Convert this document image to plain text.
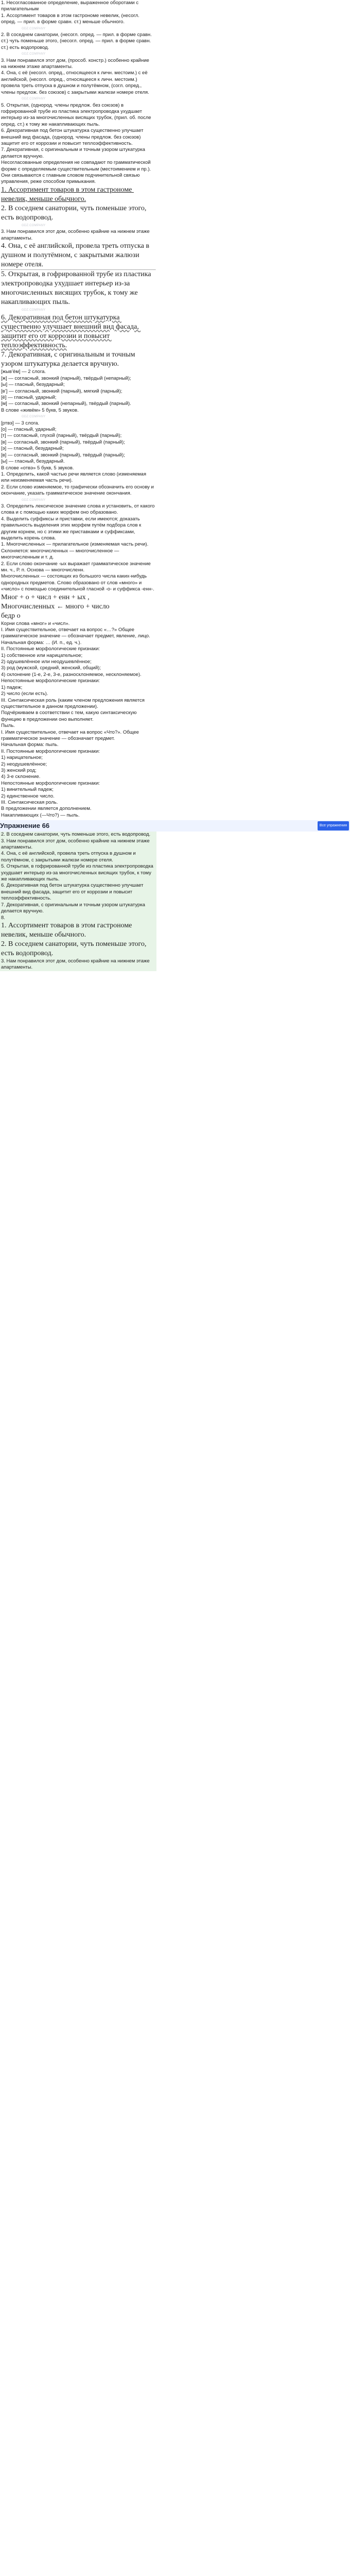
1. Несогласованное определение, выраженное оборотами с прилагательным
1. Ассортимент товаров в этом гастрономе невелик, (несогл. опред. — прил. в форме сравн. ст.) меньше обычного.
GDZ.COMPANY
2. В соседнем санатории, (несогл. опред. — прил. в форме сравн. ст.) чуть поменьше этого, (несогл. опред. — прил. в форме сравн. ст.) есть водопровод.
GDZ.COMPANY
3. Нам понравился этот дом, (прособ. констр.) особенно крайние на нижнем этаже апартаменты.
4. Она, с её (несогл. опред., относящееся к личн. местоим.) с её английской, (несогл. опред., относящееся к личн. местоим.) провела треть отпуска в душном и полутёмном, (согл. опред., члены предлож. без союзов) с закрытыми жалюзи номере отеля.
GDZ.COMPANY
5. Открытая, (однород. члены предлож. без союзов) в гофрированной трубе из пластика электропроводка ухудшает интерьер из-за многочисленных висящих трубок, (прил. об. после опред. ст.) к тому же накапливающих пыль.
6. Декоративная под бетон штукатурка существенно улучшает внешний вид фасада, (однород. члены предлож. без союзов) защитит его от коррозии и повысит теплоэффективность.
7. Декоративная, с оригинальным и точным узором штукатурка делается вручную.
Несогласованные определения не совпадают по грамматической форме с определяемым существительным (местоимением и пр.). Они связываются с главным словом подчинительной связью управления, реже способом примыкания.
1. Ассортимент товаров в этом гастрономе невелик, меньше обычного.
2. В соседнем санатории, чуть поменьше этого, есть водопровод.
GDZ.COMPANY
3. Нам понравился этот дом, особенно крайние на нижнем этаже апартаменты.
4. Она, с её английской, провела треть отпуска в душном и полутёмном, с закрытыми жалюзи номере отеля.
5. Открытая, в гофрированной трубе из пластика электропроводка ухудшает интерьер из-за многочисленных висящих трубок, к тому же накапливающих пыль.
GDZ.COMPANY
6. Декоративная под бетон штукатурка существенно улучшает внешний вид фасада, защитит его от коррозии и повысит теплоэффективность.
7. Декоративная, с оригинальным и точным узором штукатурка делается вручную.
[жыв’ём] — 2 слога.
[ж] — согласный, звонкий (парный), твёрдый (непарный);
[ы] — гласный, безударный;
[в’] — согласный, звонкий (парный), мягкий (парный);
[ё] — гласный, ударный;
[м] — согласный, звонкий (непарный), твёрдый (парный).
В слове «живём» 5 букв, 5 звуков.
GDZ.COMPANY
[ртвэ] — 3 слога.
[о] — гласный, ударный;
[т] — согласный, глухой (парный), твёрдый (парный);
[в] — согласный, звонкий (парный), твёрдый (парный);
[э] — гласный, безударный;
[в] — согласный, звонкий (парный), твёрдый (парный);
[ы] — гласный, безударный.
В слове «отвэ» 5 букв, 5 звуков.
1. Определить, какой частью речи является слово (изменяемая или неизменяемая часть речи).
2. Если слово изменяемое, то графически обозначить его основу и окончание, указать грамматическое значение окончания.
GDZ.COMPANY
3. Определить лексическое значение слова и установить, от какого слова и с помощью каких морфем оно образовано.
4. Выделить суффиксы и приставки, если имеются; доказать правильность выделения этих морфем путём подбора слов к другим корнем, но с этими же приставками и суффиксами, выделить корень слова.
1. Многочисленных — прилагательное (изменяемая часть речи).
Склоняется: многочисленных — многочисленное — многочисленным и т. д.
2. Если слово окончание -ых выражает грамматическое значение мн. ч., Р. п. Основа — многочисленн.
Многочисленных — состоящих из большого числа каких-нибудь однородных предметов. Слово образовано от слов «много» и «число» с помощью соединительной гласной -о- и суффикса -енн-.
Мног + о + числ + енн + ых ,
Многочисленных ← много + число
бедр о
Корни слова «мног» и «числ».
I. Имя существительное, отвечает на вопрос «…?» Общее грамматическое значение — обозначает предмет, явление, лицо.
Начальная форма: … (И. п., ед. ч.).
II. Постоянные морфологические признаки:
1) собственное или нарицательное;
2) одушевлённое или неодушевлённое;
3) род (мужской, средний, женский, общий);
4) склонение (1-е, 2-е, 3-е, разносклоняемое, несклоняемое).
Непостоянные морфологические признаки:
1) падеж;
2) число (если есть).
III. Синтаксическая роль (каким членом предложения является существительное в данном предложении).
Подчёркиваем в соответствии с тем, какую синтаксическую функцию в предложении оно выполняет.
Пыль.
I. Имя существительное, отвечает на вопрос «Что?». Общее грамматическое значение — обозначает предмет.
Начальная форма: пыль.
II. Постоянные морфологические признаки:
1) нарицательное;
2) неодушевлённое;
3) женский род;
4) 3-е склонение.
Непостоянные морфологические признаки:
1) винительный падеж;
2) единственное число.
III. Синтаксическая роль.
В предложении является дополнением.
Накапливающих (—Что?) — пыль.
Упражнение 66	Все упражнения
2. В соседнем санатории, чуть поменьше этого, есть водопровод.
3. Нам понравился этот дом, особенно крайние на нижнем этаже апартаменты.
4. Она, с её английской, провела треть отпуска в душном и полутёмном, с закрытыми жалюзи номере отеля.
5. Открытая, в гофрированной трубе из пластика электропроводка ухудшает интерьер из-за многочисленных висящих трубок, к тому же накапливающих пыль.
6. Декоративная под бетон штукатурка существенно улучшает внешний вид фасада, защитит его от коррозии и повысит теплоэффективность.
7. Декоративная, с оригинальным и точным узором штукатурка делается вручную.
8.
1. Ассортимент товаров в этом гастрономе невелик, меньше обычного.
2. В соседнем санатории, чуть поменьше этого, есть водопровод.
3. Нам понравился этот дом, особенно крайние на нижнем этаже апартаменты.
